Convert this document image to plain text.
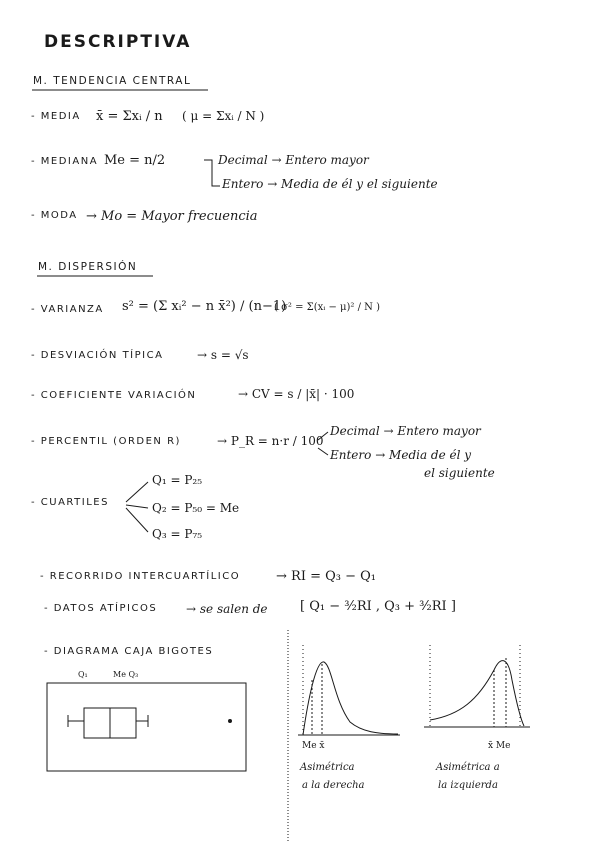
DESCRIPTIVA
M. TENDENCIA CENTRAL
- MEDIA x̄ = Σxᵢ / n ( μ = Σxᵢ / N )
- MEDIANA Me = n/2	Decimal → Entero mayor
Entero → Media de él y el siguiente
- MODA → Mo = Mayor frecuencia
M. DISPERSIÓN
- VARIANZA s² = (Σ xᵢ² − n x̄²) / (n−1)
( σ² = Σ(xᵢ − μ)² / N )
- DESVIACIÓN TÍPICA	→ s = √s
- COEFICIENTE VARIACIÓN	→ CV = s / |x̄| · 100
- PERCENTIL (ORDEN R)	→ P_R = n·r / 100
Decimal → Entero mayor
Entero → Media de él y
el siguiente
- CUARTILES
Q₁ = P₂₅
Q₂ = P₅₀ = Me
Q₃ = P₇₅
- RECORRIDO INTERCUARTÍLICO	→ RI = Q₃ − Q₁
- DATOS ATÍPICOS → se salen de [ Q₁ − ³⁄₂RI , Q₃ + ³⁄₂RI ]
- DIAGRAMA CAJA BIGOTES
Q₁	Me Q₃
Me x̄
Asimétrica
a la derecha
x̄ Me
Asimétrica a
la izquierda
